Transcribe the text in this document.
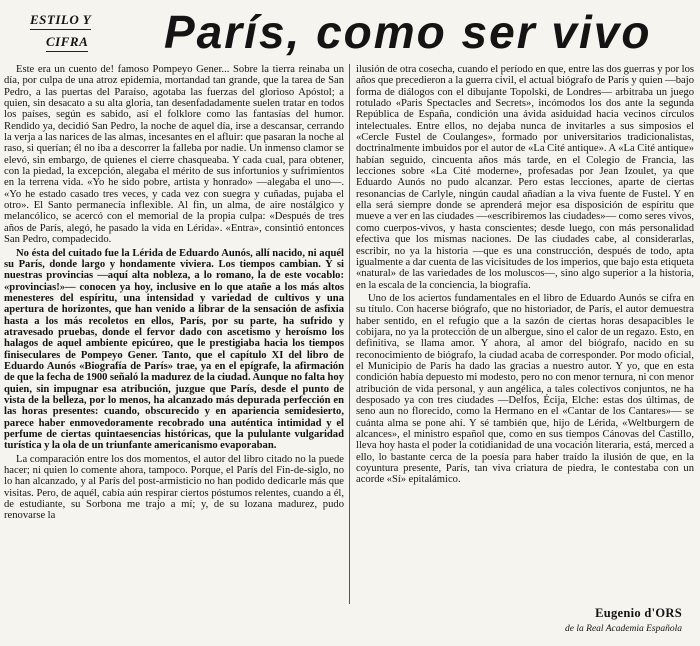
ESTILO Y
CIFRA París, como ser vivo

Este era un cuento de! famoso Pompeyo Gener... Sobre la tierra reinaba un día, por culpa de una atroz epidemia, mortandad tan grande, que la tarea de San Pedro, a las puertas del Paraíso, agotaba las fuerzas del glorioso Apóstol; a quien, sin desacato a su alta gloria, tan desenfadadamente suelen tratar en todos los países, según es sabido, así el folklore como las fantasías del humor. Rendido ya, decidió San Pedro, la noche de aquel día, irse a descansar, cerrando la verja a las narices de las almas, incesantes en el afluir: que pasaran la noche al raso, si querían; él no iba a descorrer la falleba por nadie. Un inmenso clamor se elevó, sin embargo, de quienes el cierre chasqueaba. Y cada cual, para obtener, con la piedad, la excepción, alegaba el mérito de sus infortunios y sufrimientos en la terrena vida. «Yo he sido pobre, artista y honrado» —alegaba el uno—. «Yo he estado casado tres veces, y cada vez con suegra y cuñadas, pujaba el otro». El Santo permanecía inflexible. Al fin, un alma, de aire nostálgico y melancólico, se acercó con el memorial de la propia culpa: «Después de tres años de París, alegó, he pasado la vida en Lérida». «Entra», consintió entonces San Pedro, compadecido.

No ésta del cuitado fue la Lérida de Eduardo Aunós, allí nacido, ni aquél su París, donde largo y hondamente viviera. Los tiempos cambian. Y si nuestras provincias —aquí alta nobleza, a lo romano, la de este vocablo: «provincias!»— conocen ya hoy, inclusive en lo que atañe a los más altos menesteres del espíritu, una intensidad y variedad de cultivos y una apertura de horizontes, que han venido a librar de la sensación de asfixia hasta a los más recoletos en ellos, París, por su parte, ha sufrido y atravesado pruebas, donde el fervor dado con ascetismo y heroísmo los halagos de aquel ambiente epicúreo, que le prestigiaba hacia los tiempos finiseculares de Pompeyo Gener. Tanto, que el capítulo XI del libro de Eduardo Aunós «Biografía de París» trae, ya en el epígrafe, la afirmación de que la fecha de 1900 señaló la madurez de la ciudad. Aunque no falta hoy quien, sin impugnar esa atribución, juzgue que París, desde el punto de vista de la belleza, por lo menos, ha alcanzado más depurada perfección en las horas presentes: cuando, obscurecido y en apariencia semidesierto, parece haber enmovedoramente recobrado una auténtica intimidad y el perfume de ciertas quintaesencias históricas, que la pululante vulgaridad turística y la ola de un triunfante americanismo evaporaban.

La comparación entre los dos momentos, el autor del libro citado no la puede hacer; ni quien lo comente ahora, tampoco. Porque, el París del Fin-de-siglo, no lo han alcanzado, y al París del post-armisticio no han podido dedicarle más que visitas. Pero, de aquél, cabía aún respirar ciertos póstumos relentes, cuando a él, de estudiante, su Sorbona me trajo a mí; y, de su lozana madurez, pudo renovarse la

ilusión de otra cosecha, cuando el período en que, entre las dos guerras y por los años que precedieron a la guerra civil, el actual biógrafo de París y quien —bajo forma de diálogos con el dibujante Topolski, de Londres— arbitraba un juego rotulado «Paris Spectacles and Secrets», incómodos los dos ante la segunda República de España, condición una ávida asiduidad hacia vecinos círculos intelectuales. Entre ellos, no dejaba nunca de invitarles a sus simposios el «Cercle Fustel de Coulanges», formado por universitarios tradicionalistas, doctrinalmente imbuidos por el autor de «La Cité antique». A «La Cité antique» habían seguido, cincuenta años más tarde, en el Colegio de Francia, las lecciones sobre «La Cité moderne», profesadas por Jean Izoulet, ya que Eduardo Aunós no pudo alcanzar. Pero estas lecciones, aparte de ciertas resonancias de Carlyle, ningún caudal añadían a la viva fuente de Fustel. Y en ella será siempre donde se aprenderá mejor esa disposición de espíritu que mueve a ver en las ciudades —«escribiremos las ciudades»— como seres vivos, como cuerpos-vivos, y hasta conscientes; desde luego, con más personalidad efectiva que los mismas naciones. De las ciudades cabe, al considerarlas, escribir, no ya la historia —que es una construcción, después de todo, apta igualmente a dar cuenta de las vicisitudes de los imperios, que bajo esta etiqueta «natural» de las variedades de los moluscos—, sino algo superior a la historia, en la escala de la conciencia, la biografía.

Uno de los aciertos fundamentales en el libro de Eduardo Aunós se cifra en su título. Con hacerse biógrafo, que no historiador, de París, el autor demuestra haber sentido, en el refugio que a la sazón de ciertas horas desapacibles le cobijara, no ya la protección de un albergue, sino el calor de un regazo. Esto, en definitiva, se llama amor. Y ahora, al amor del biógrafo, nacido en su reconocimiento de biógrafo, la ciudad acaba de corresponder. Por modo oficial, el Municipio de París ha dado las gracias a nuestro autor. Y yo, que en esta condición había depuesto mi modesto, pero no con menor ternura, ni con menor atribución de vida personal, y aun angélica, a tales colectivos conjuntos, ne ha desposado ya con tres ciudades —Delfos, Écija, Elche: estas dos últimas, de seno aun no florecido, como la Hermano en el «Cantar de los Cantares»— se cuánta alma se pone ahí. Y sé también que, hijo de Lérida, «Weltburgern de alcances», el ministro español que, como en sus tiempos Cánovas del Castillo, lleva hoy hasta el poder la cotidianidad de una vocación literaria, está, merced a ello, lo bastante cerca de la poesía para haber traído la ilusión de que, en la coyuntura presente, París, tan viva criatura de piedra, le contestaba con un acorde «Sí» epitalámico.

Eugenio d'ORS
de la Real Academia Española
